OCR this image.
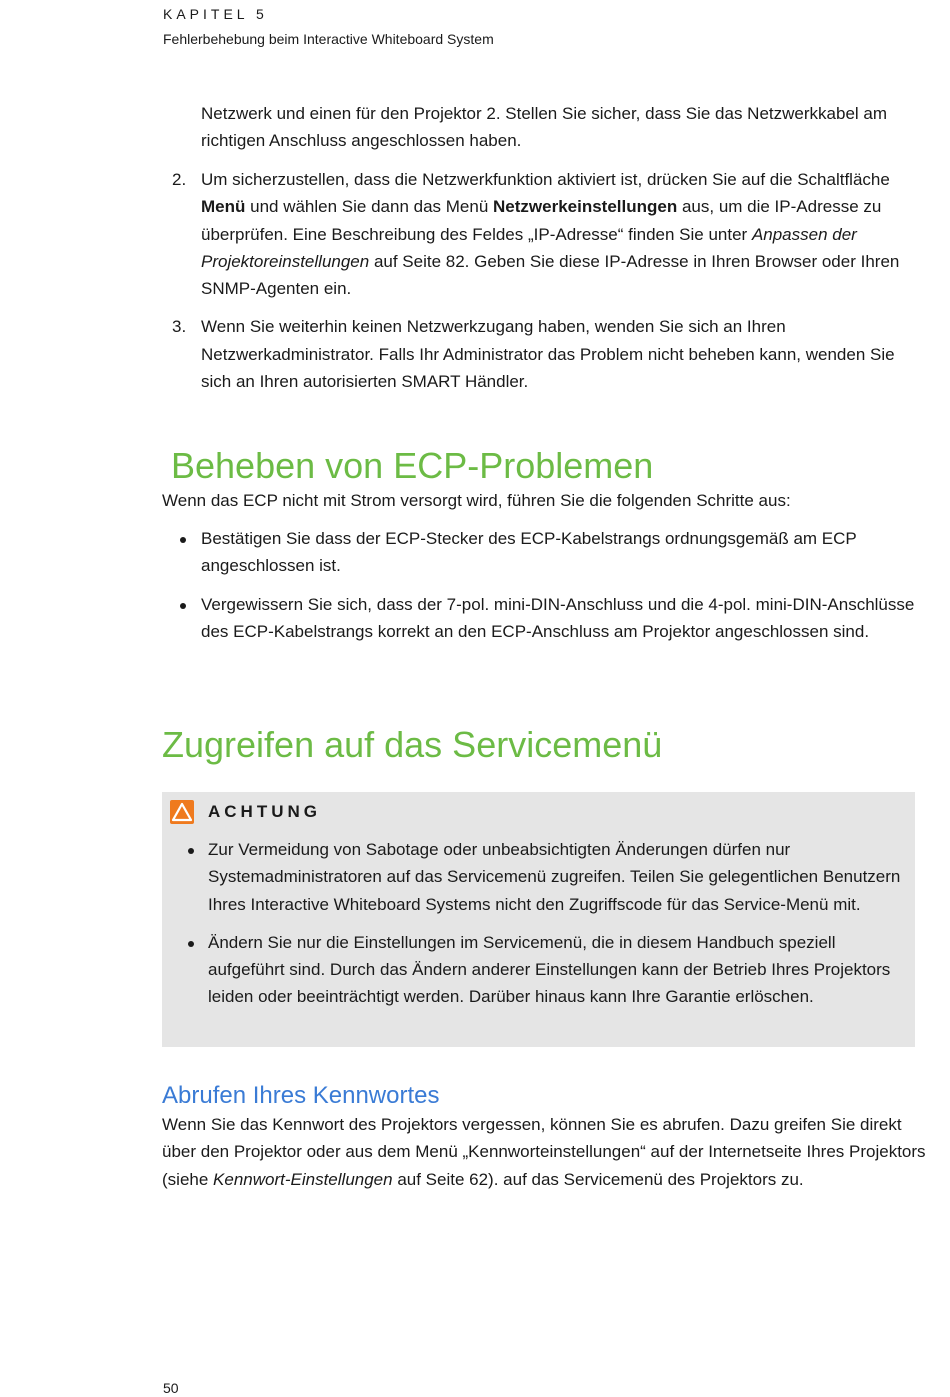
KAPITEL 5
Fehlerbehebung beim Interactive Whiteboard System

Netzwerk und einen für den Projektor 2. Stellen Sie sicher, dass Sie das Netzwerkkabel am richtigen Anschluss angeschlossen haben.

2. Um sicherzustellen, dass die Netzwerkfunktion aktiviert ist, drücken Sie auf die Schaltfläche Menü und wählen Sie dann das Menü Netzwerkeinstellungen aus, um die IP-Adresse zu überprüfen. Eine Beschreibung des Feldes „IP-Adresse“ finden Sie unter Anpassen der Projektoreinstellungen auf Seite 82. Geben Sie diese IP-Adresse in Ihren Browser oder Ihren SNMP-Agenten ein.
3. Wenn Sie weiterhin keinen Netzwerkzugang haben, wenden Sie sich an Ihren Netzwerkadministrator. Falls Ihr Administrator das Problem nicht beheben kann, wenden Sie sich an Ihren autorisierten SMART Händler.
Beheben von ECP-Problemen

Wenn das ECP nicht mit Strom versorgt wird, führen Sie die folgenden Schritte aus:

Bestätigen Sie dass der ECP-Stecker des ECP-Kabelstrangs ordnungsgemäß am ECP angeschlossen ist.
Vergewissern Sie sich, dass der 7-pol. mini-DIN-Anschluss und die 4-pol. mini-DIN-Anschlüsse des ECP-Kabelstrangs korrekt an den ECP-Anschluss am Projektor angeschlossen sind.
Zugreifen auf das Servicemenü
ACHTUNG
Zur Vermeidung von Sabotage oder unbeabsichtigten Änderungen dürfen nur Systemadministratoren auf das Servicemenü zugreifen. Teilen Sie gelegentlichen Benutzern Ihres Interactive Whiteboard Systems nicht den Zugriffscode für das Service-Menü mit.
Ändern Sie nur die Einstellungen im Servicemenü, die in diesem Handbuch speziell aufgeführt sind. Durch das Ändern anderer Einstellungen kann der Betrieb Ihres Projektors leiden oder beeinträchtigt werden. Darüber hinaus kann Ihre Garantie erlöschen.
Abrufen Ihres Kennwortes

Wenn Sie das Kennwort des Projektors vergessen, können Sie es abrufen. Dazu greifen Sie direkt über den Projektor oder aus dem Menü „Kennworteinstellungen“ auf der Internetseite Ihres Projektors (siehe Kennwort-Einstellungen auf Seite 62). auf das Servicemenü des Projektors zu.

50
